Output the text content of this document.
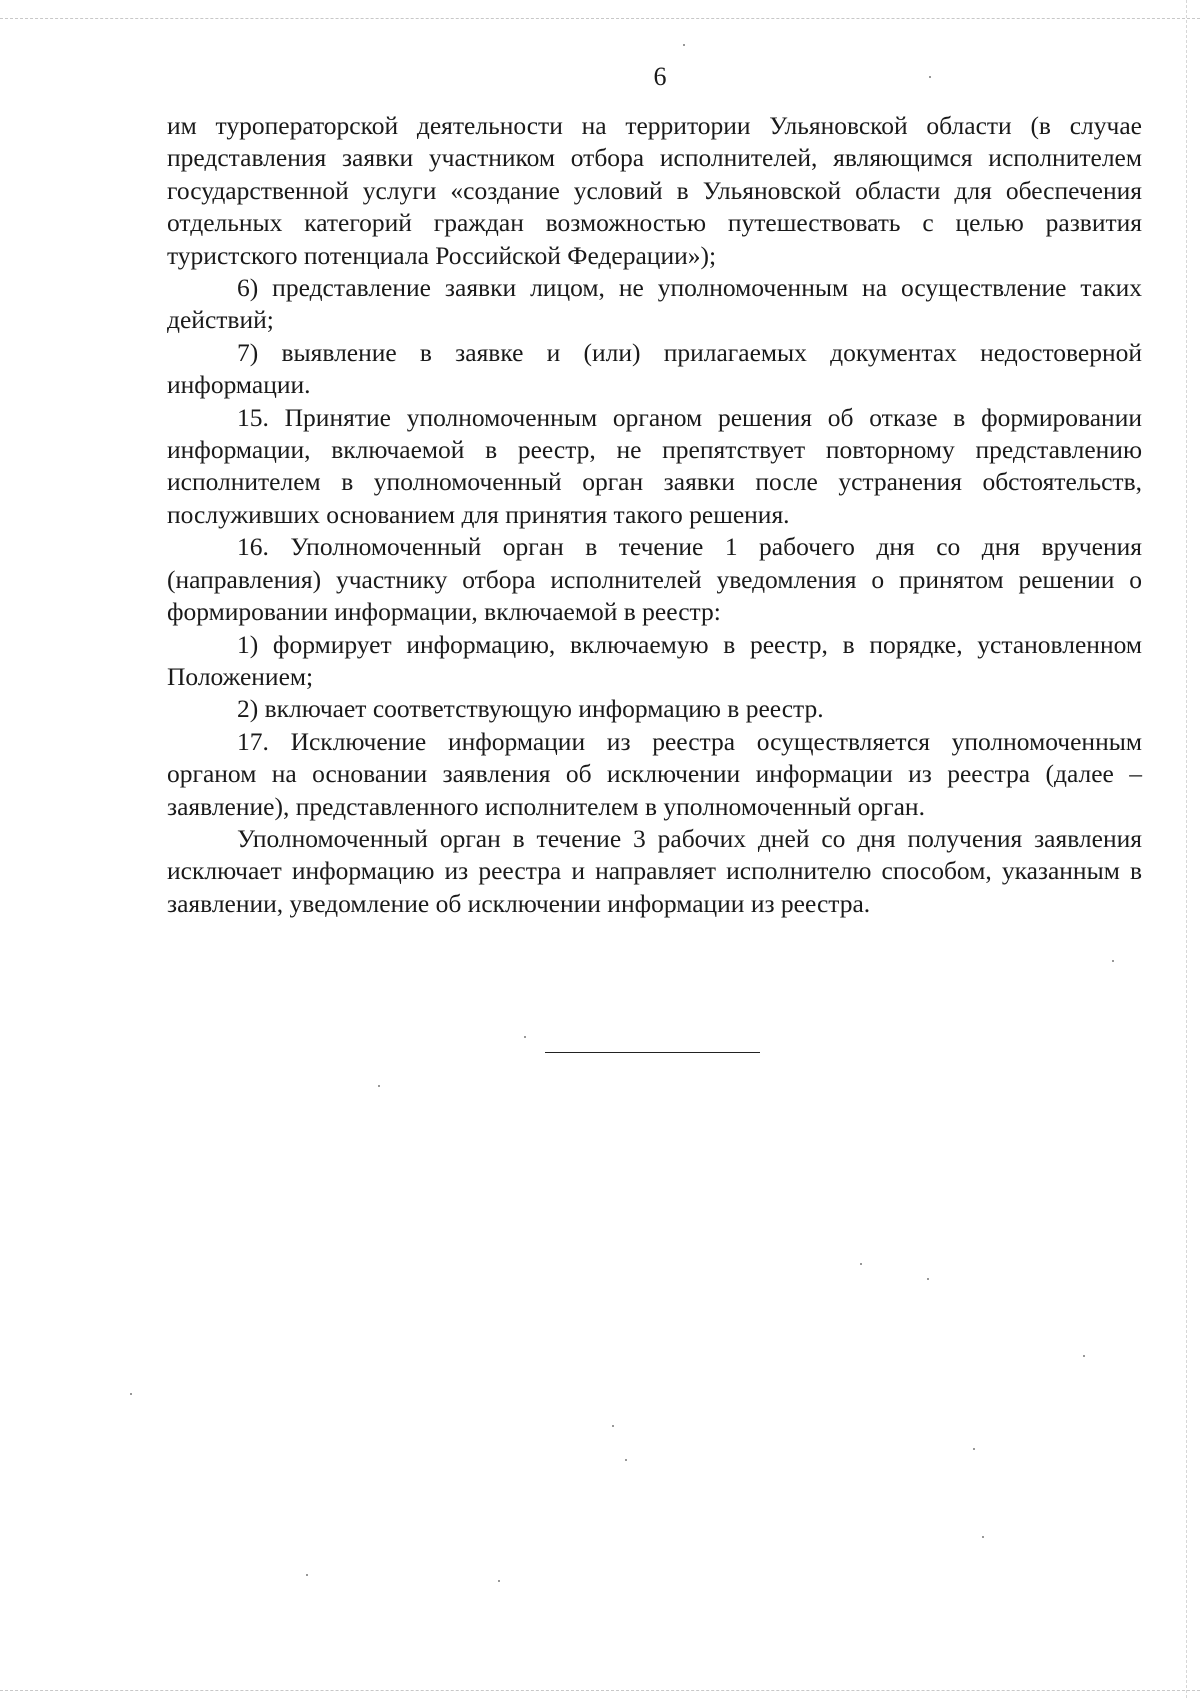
6

им туроператорской деятельности на территории Ульяновской области (в случае представления заявки участником отбора исполнителей, являющимся исполнителем государственной услуги «создание условий в Ульяновской области для обеспечения отдельных категорий граждан возможностью путешествовать с целью развития туристского потенциала Российской Федерации»);

6) представление заявки лицом, не уполномоченным на осуществление таких действий;

7) выявление в заявке и (или) прилагаемых документах недостоверной информации.

15. Принятие уполномоченным органом решения об отказе в формировании информации, включаемой в реестр, не препятствует повторному представлению исполнителем в уполномоченный орган заявки после устранения обстоятельств, послуживших основанием для принятия такого решения.

16. Уполномоченный орган в течение 1 рабочего дня со дня вручения (направления) участнику отбора исполнителей уведомления о принятом решении о формировании информации, включаемой в реестр:

1) формирует информацию, включаемую в реестр, в порядке, установленном Положением;

2) включает соответствующую информацию в реестр.

17. Исключение информации из реестра осуществляется уполномоченным органом на основании заявления об исключении информации из реестра (далее – заявление), представленного исполнителем в уполномоченный орган.

Уполномоченный орган в течение 3 рабочих дней со дня получения заявления исключает информацию из реестра и направляет исполнителю способом, указанным в заявлении, уведомление об исключении информации из реестра.
